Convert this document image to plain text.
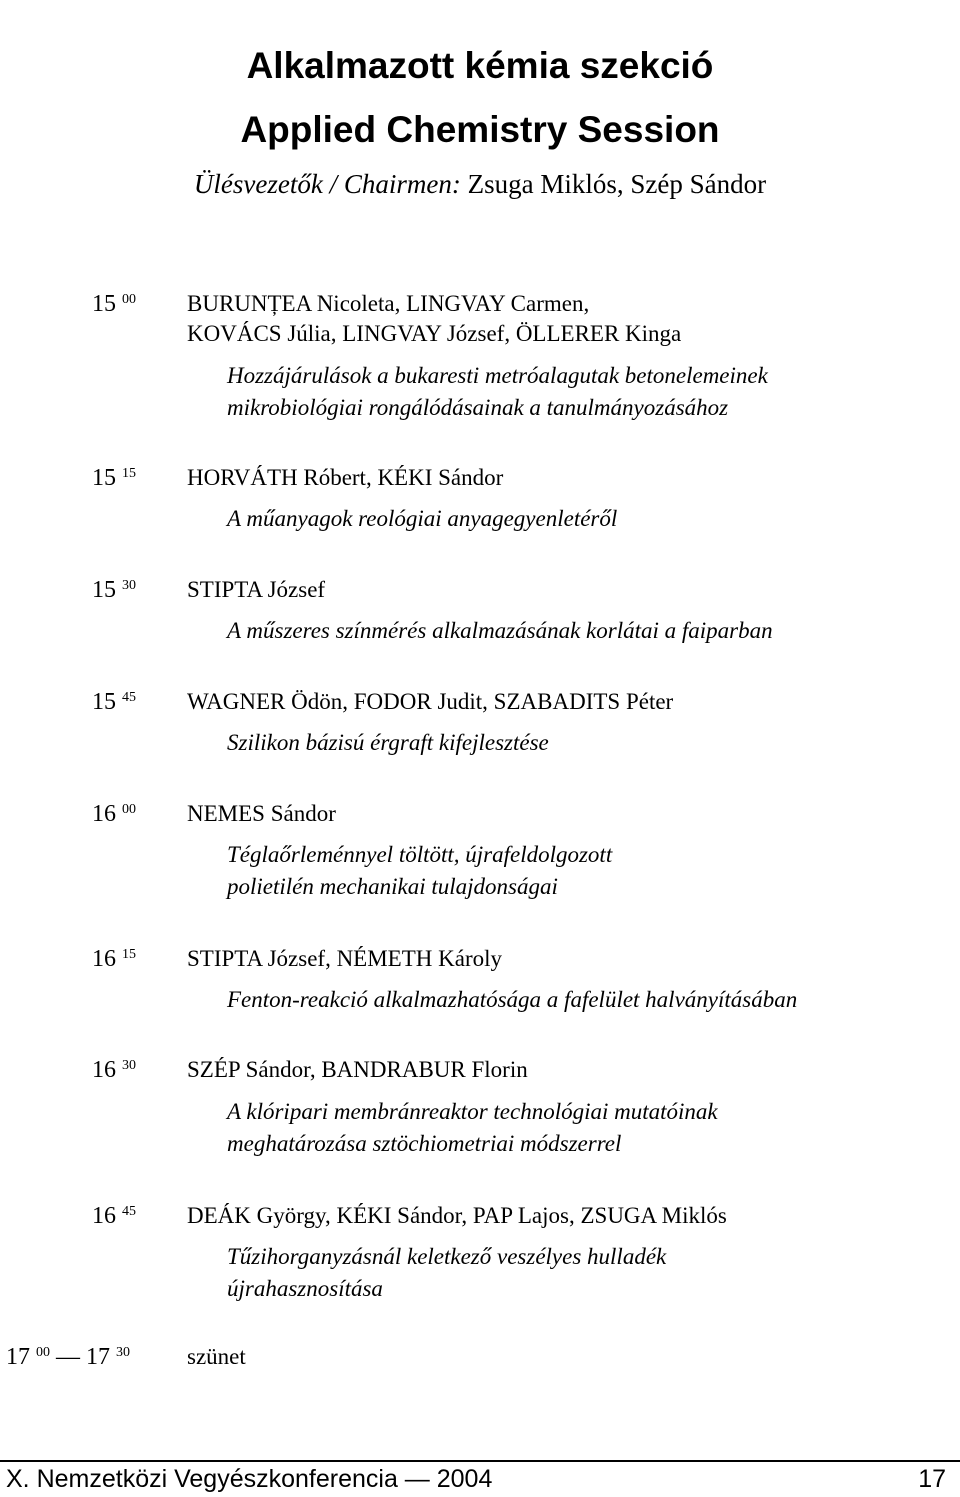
Alkalmazott kémia szekció
Applied Chemistry Session
Ülésvezetők / Chairmen: Zsuga Miklós, Szép Sándor
15 $^{00}$ BURUNȚEA Nicoleta, LINGVAY Carmen,
KOVÁCS Júlia, LINGVAY József, ÖLLERER Kinga
Hozzájárulások a bukaresti metróalagutak betonelemeinek
mikrobiológiai rongálódásainak a tanulmányozásához
15 $^{15}$ HORVÁTH Róbert, KÉKI Sándor
A műanyagok reológiai anyagegyenletéről
15 $^{30}$ STIPTA József
A műszeres színmérés alkalmazásának korlátai a faiparban
15 $^{45}$ WAGNER Ödön, FODOR Judit, SZABADITS Péter
Szilikon bázisú érgraft kifejlesztése
16 $^{00}$ NEMES Sándor
Téglaőrleménnyel töltött, újrafeldolgozott
polietilén mechanikai tulajdonságai
16 $^{15}$ STIPTA József, NÉMETH Károly
Fenton-reakció alkalmazhatósága a fafelület halványításában
16 $^{30}$ SZÉP Sándor, BANDRABUR Florin
A klóripari membránreaktor technológiai mutatóinak
meghatározása sztöchiometriai módszerrel
16 $^{45}$ DEÁK György, KÉKI Sándor, PAP Lajos, ZSUGA Miklós
Tűzihorganyzásnál keletkező veszélyes hulladék
újrahasznosítása
17 $^{00}$ — 17 $^{30}$ szünet
X. Nemzetközi Vegyészkonferencia — 2004	17
